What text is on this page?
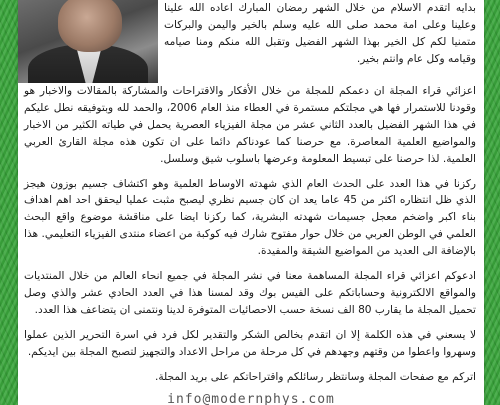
بدايه اتقدم الاسلام من خلال الشهر رمضان المبارك اعاده الله علينا وعلينا وعلى امة محمد صلى الله عليه وسلم بالخير واليمن والبركات متمنيا لكم كل الخير بهذا الشهر الفضيل وتقبل الله منكم ومنا صيامه وقيامه وكل عام وانتم بخير.

اعزائي قراء المجلة ان دعمكم للمجلة من خلال الأفكار والاقتراحات والمشاركة بالمقالات والاخبار هو وقودنا للاستمرار فها هي مجلتكم مستمرة في العطاء منذ العام 2006، والحمد لله وبتوفيقه نطل عليكم في هذا الشهر الفضيل بالعدد الثاني عشر من مجلة الفيزياء العصرية يحمل في طياته الكثير من الاخبار والمواضيع العلمية المعاصرة. مع حرصنا كما عودناكم دائما على ان تكون هذه مجلة القارئ العربي العلمية. لذا حرصنا على تبسيط المعلومة وعرضها باسلوب شيق وسلسل.

ركزنا في هذا العدد على الحدث العام الذي شهدته الاوساط العلمية وهو اكتشاف جسيم بوزون هيجز الذي ظل انتظاره اكثر من 45 عاما يعد ان كان جسيم نظري ليصبح مثبت عمليا ليحقق احد اهم اهداف بناء اكبر واضخم معجل جسيمات شهدته البشرية، كما ركزنا ايضا على مناقشة موضوع واقع البحث العلمي في الوطن العربي من خلال حوار مفتوح شارك فيه كوكبة من اعضاء منتدى الفيزياء التعليمي. هذا بالإضافة الى العديد من المواضيع الشيقة والمفيدة.

ادعوكم اعزائي قراء المجلة المساهمة معنا في نشر المجلة في جميع انحاء العالم من خلال المنتديات والمواقع الالكترونية وحساباتكم على الفيس بوك وقد لمسنا هذا في العدد الحادي عشر والذي وصل تحميل المجلة ما يقارب 80 الف نسخة حسب الاحصائيات المتوفرة لدينا ونتمنى ان يتضاعف هذا العدد.

لا يسعني في هذه الكلمة إلا ان اتقدم بخالص الشكر والتقدير لكل فرد في اسرة التحرير الذين عملوا وسهروا واعطوا من وقتهم وجهدهم في كل مرحلة من مراحل الاعداد والتجهيز لتصبح المجلة بين ايديكم.

اتركم مع صفحات المجلة وسانتظر رسائلكم واقتراحاتكم على بريد المجلة.

info@modernphys.com
